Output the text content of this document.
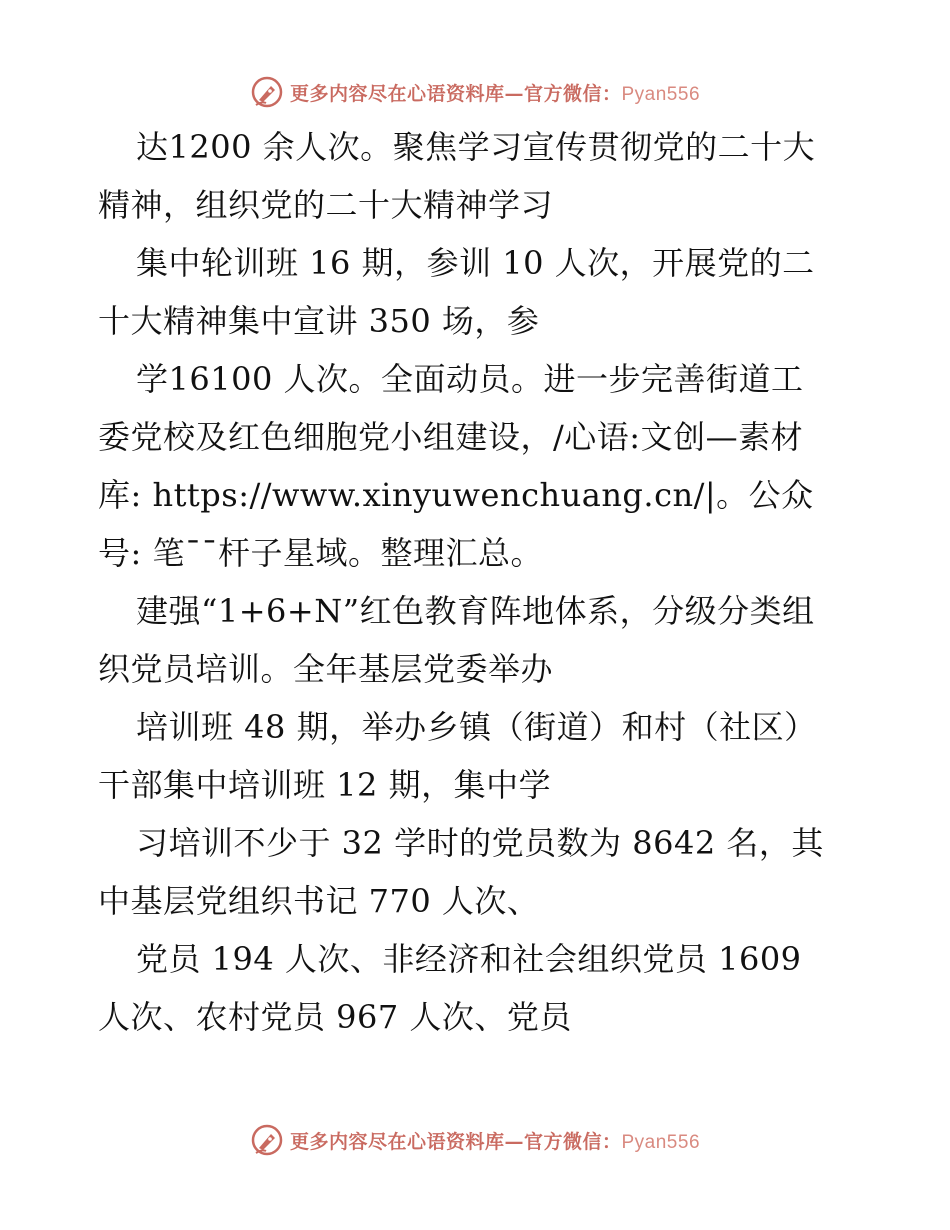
更多内容尽在心语资料库—官方微信：Pyan556
达1200 余人次。聚焦学习宣传贯彻党的二十大
精神，组织党的二十大精神学习
集中轮训班 16 期，参训 10 人次，开展党的二
十大精神集中宣讲 350 场，参
学16100 人次。全面动员。进一步完善街道工
委党校及红色细胞党小组建设，/心语:文创—素材
库: https://www.xinyuwenchuang.cn/|。公众
号: 笔¯¯杆子星域。整理汇总。
建强“1+6+N”红色教育阵地体系，分级分类组
织党员培训。全年基层党委举办
培训班 48 期，举办乡镇（街道）和村（社区）
干部集中培训班 12 期，集中学
习培训不少于 32 学时的党员数为 8642 名，其
中基层党组织书记 770 人次、
党员 194 人次、非经济和社会组织党员 1609
人次、农村党员 967 人次、党员
更多内容尽在心语资料库—官方微信：Pyan556
